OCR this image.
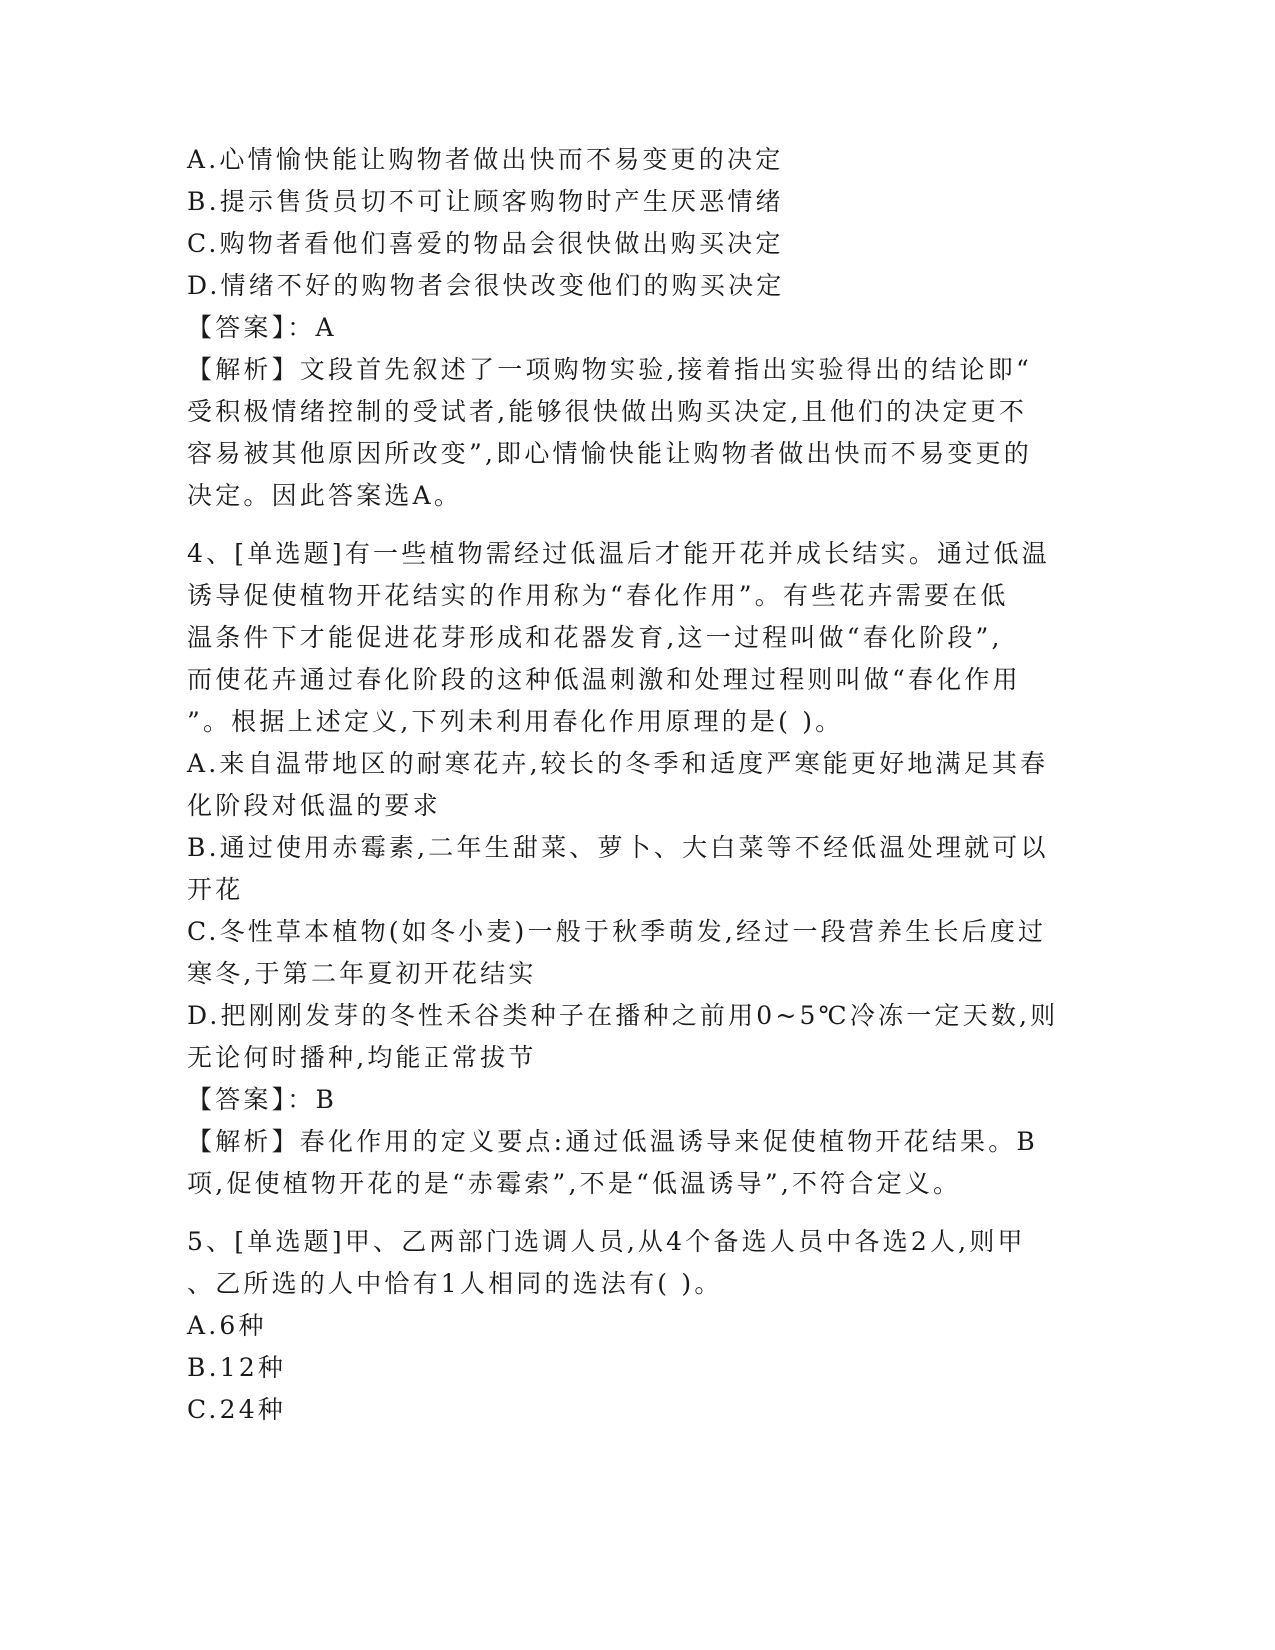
A.心情愉快能让购物者做出快而不易变更的决定
B.提示售货员切不可让顾客购物时产生厌恶情绪
C.购物者看他们喜爱的物品会很快做出购买决定
D.情绪不好的购物者会很快改变他们的购买决定
【答案】：A
【解析】文段首先叙述了一项购物实验,接着指出实验得出的结论即“
受积极情绪控制的受试者,能够很快做出购买决定,且他们的决定更不
容易被其他原因所改变”,即心情愉快能让购物者做出快而不易变更的
决定。因此答案选A。
4、[单选题]有一些植物需经过低温后才能开花并成长结实。通过低温
诱导促使植物开花结实的作用称为“春化作用”。有些花卉需要在低
温条件下才能促进花芽形成和花器发育,这一过程叫做“春化阶段”,
而使花卉通过春化阶段的这种低温刺激和处理过程则叫做“春化作用
”。根据上述定义,下列未利用春化作用原理的是( )。
A.来自温带地区的耐寒花卉,较长的冬季和适度严寒能更好地满足其春
化阶段对低温的要求
B.通过使用赤霉素,二年生甜菜、萝卜、大白菜等不经低温处理就可以
开花
C.冬性草本植物(如冬小麦)一般于秋季萌发,经过一段营养生长后度过
寒冬,于第二年夏初开花结实
D.把刚刚发芽的冬性禾谷类种子在播种之前用0~5℃冷冻一定天数,则
无论何时播种,均能正常拔节
【答案】：B
【解析】春化作用的定义要点:通过低温诱导来促使植物开花结果。B
项,促使植物开花的是“赤霉索”,不是“低温诱导”,不符合定义。
5、[单选题]甲、乙两部门选调人员,从4个备选人员中各选2人,则甲
、乙所选的人中恰有1人相同的选法有( )。
A.6种
B.12种
C.24种
